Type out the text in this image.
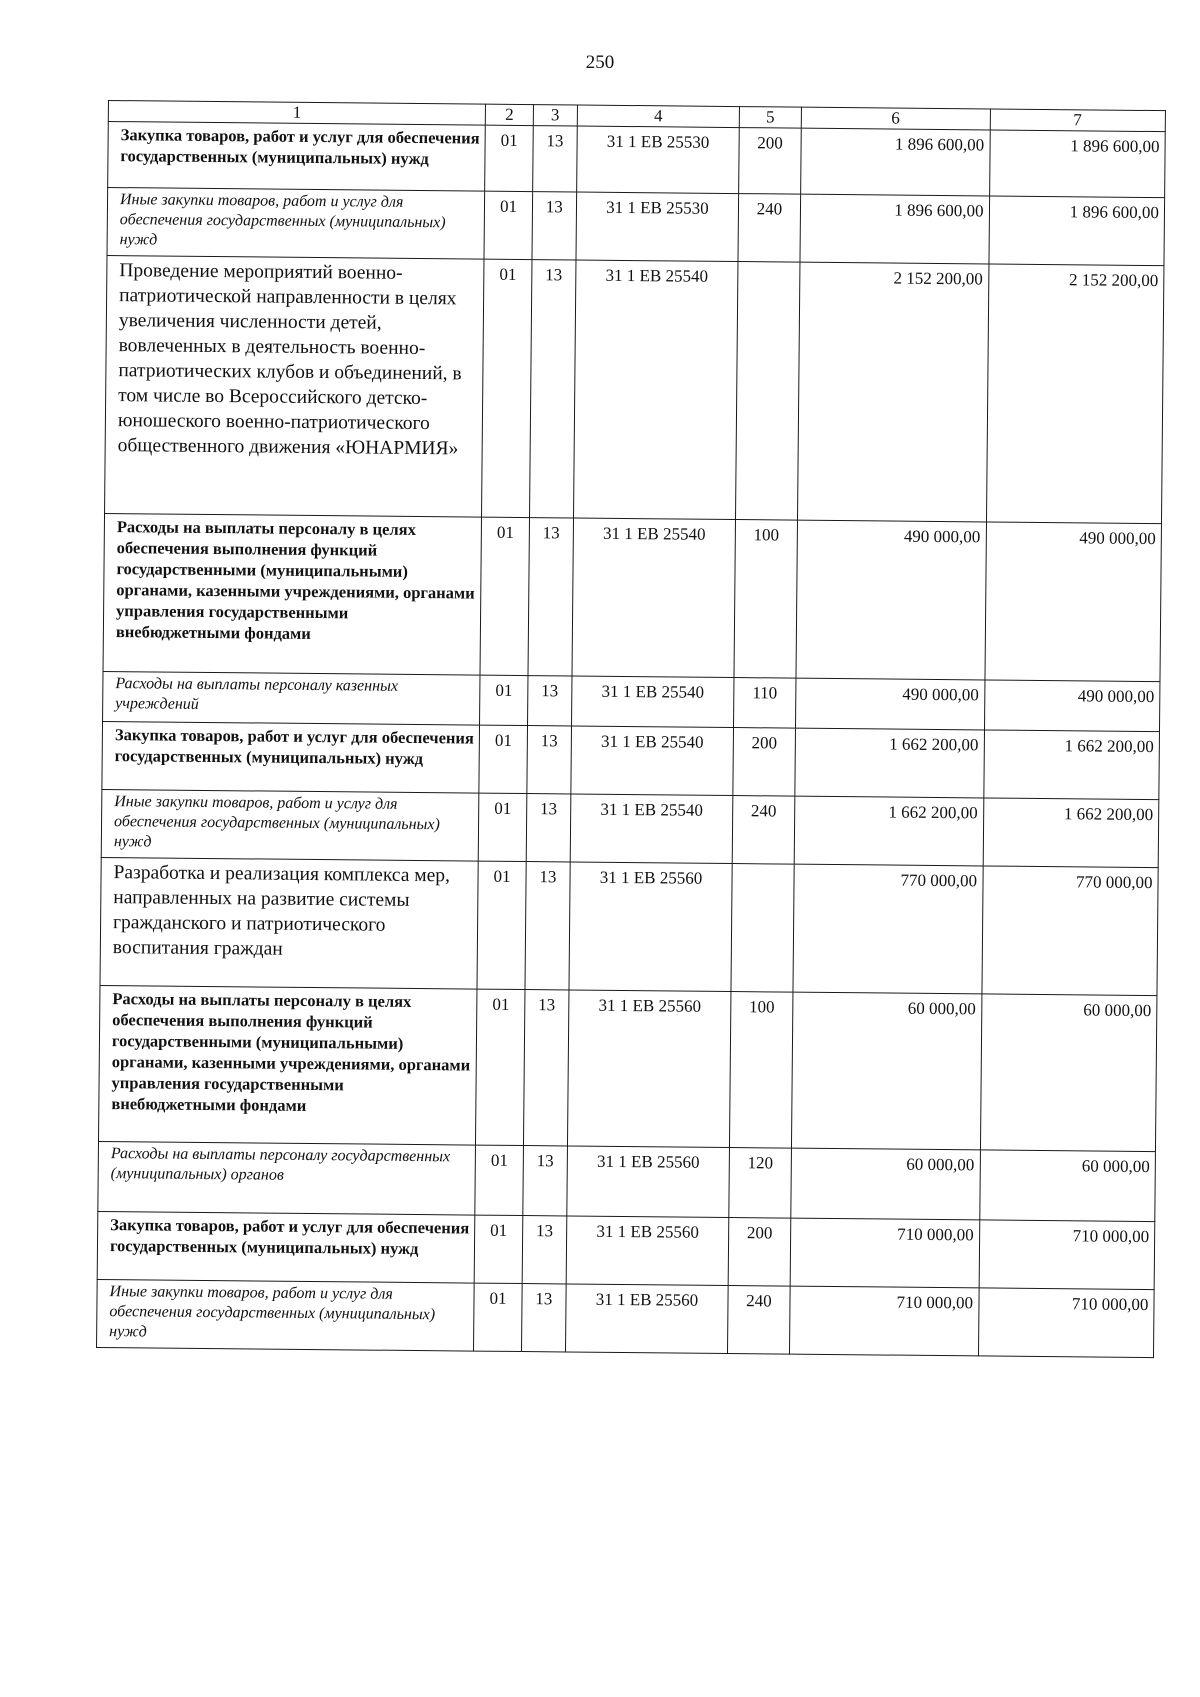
250
1	2	3	4	5	6	7
Закупка товаров, работ и услуг для обеспечения государственных (муниципальных) нужд	01	13	31 1 ЕВ 25530	200	1 896 600,00	1 896 600,00
Иные закупки товаров, работ и услуг для обеспечения государственных (муниципальных) нужд	01	13	31 1 ЕВ 25530	240	1 896 600,00	1 896 600,00
Проведение мероприятий военно-патриотической направленности в целях увеличения численности детей, вовлеченных в деятельность военно-патриотических клубов и объединений, в том числе во Всероссийского детско-юношеского военно-патриотического общественного движения «ЮНАРМИЯ»	01	13	31 1 ЕВ 25540		2 152 200,00	2 152 200,00
Расходы на выплаты персоналу в целях обеспечения выполнения функций государственными (муниципальными) органами, казенными учреждениями, органами управления государственными внебюджетными фондами	01	13	31 1 ЕВ 25540	100	490 000,00	490 000,00
Расходы на выплаты персоналу казенных учреждений	01	13	31 1 ЕВ 25540	110	490 000,00	490 000,00
Закупка товаров, работ и услуг для обеспечения государственных (муниципальных) нужд	01	13	31 1 ЕВ 25540	200	1 662 200,00	1 662 200,00
Иные закупки товаров, работ и услуг для обеспечения государственных (муниципальных) нужд	01	13	31 1 ЕВ 25540	240	1 662 200,00	1 662 200,00
Разработка и реализация комплекса мер, направленных на развитие системы гражданского и патриотического воспитания граждан	01	13	31 1 ЕВ 25560		770 000,00	770 000,00
Расходы на выплаты персоналу в целях обеспечения выполнения функций государственными (муниципальными) органами, казенными учреждениями, органами управления государственными внебюджетными фондами	01	13	31 1 ЕВ 25560	100	60 000,00	60 000,00
Расходы на выплаты персоналу государственных (муниципальных) органов	01	13	31 1 ЕВ 25560	120	60 000,00	60 000,00
Закупка товаров, работ и услуг для обеспечения государственных (муниципальных) нужд	01	13	31 1 ЕВ 25560	200	710 000,00	710 000,00
Иные закупки товаров, работ и услуг для обеспечения государственных (муниципальных) нужд	01	13	31 1 ЕВ 25560	240	710 000,00	710 000,00
